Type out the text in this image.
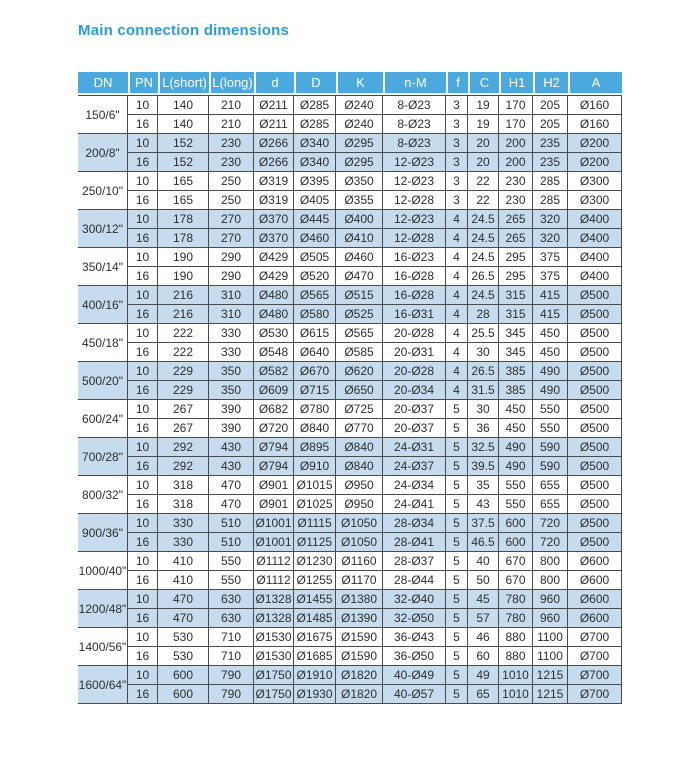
Main connection dimensions
DN	PN	L(short)	L(long)	d	D	K	n-M	f	C	H1	H2	A
150/6"	10	140	210	Ø211	Ø285	Ø240	8-Ø23	3	19	170	205	Ø160
	16	140	210	Ø211	Ø285	Ø240	8-Ø23	3	19	170	205	Ø160
200/8"	10	152	230	Ø266	Ø340	Ø295	8-Ø23	3	20	200	235	Ø200
	16	152	230	Ø266	Ø340	Ø295	12-Ø23	3	20	200	235	Ø200
250/10"	10	165	250	Ø319	Ø395	Ø350	12-Ø23	3	22	230	285	Ø300
	16	165	250	Ø319	Ø405	Ø355	12-Ø28	3	22	230	285	Ø300
300/12"	10	178	270	Ø370	Ø445	Ø400	12-Ø23	4	24.5	265	320	Ø400
	16	178	270	Ø370	Ø460	Ø410	12-Ø28	4	24.5	265	320	Ø400
350/14"	10	190	290	Ø429	Ø505	Ø460	16-Ø23	4	24.5	295	375	Ø400
	16	190	290	Ø429	Ø520	Ø470	16-Ø28	4	26.5	295	375	Ø400
400/16"	10	216	310	Ø480	Ø565	Ø515	16-Ø28	4	24.5	315	415	Ø500
	16	216	310	Ø480	Ø580	Ø525	16-Ø31	4	28	315	415	Ø500
450/18"	10	222	330	Ø530	Ø615	Ø565	20-Ø28	4	25.5	345	450	Ø500
	16	222	330	Ø548	Ø640	Ø585	20-Ø31	4	30	345	450	Ø500
500/20"	10	229	350	Ø582	Ø670	Ø620	20-Ø28	4	26.5	385	490	Ø500
	16	229	350	Ø609	Ø715	Ø650	20-Ø34	4	31.5	385	490	Ø500
600/24"	10	267	390	Ø682	Ø780	Ø725	20-Ø37	5	30	450	550	Ø500
	16	267	390	Ø720	Ø840	Ø770	20-Ø37	5	36	450	550	Ø500
700/28"	10	292	430	Ø794	Ø895	Ø840	24-Ø31	5	32.5	490	590	Ø500
	16	292	430	Ø794	Ø910	Ø840	24-Ø37	5	39.5	490	590	Ø500
800/32"	10	318	470	Ø901	Ø1015	Ø950	24-Ø34	5	35	550	655	Ø500
	16	318	470	Ø901	Ø1025	Ø950	24-Ø41	5	43	550	655	Ø500
900/36"	10	330	510	Ø1001	Ø1115	Ø1050	28-Ø34	5	37.5	600	720	Ø500
	16	330	510	Ø1001	Ø1125	Ø1050	28-Ø41	5	46.5	600	720	Ø500
1000/40"	10	410	550	Ø1112	Ø1230	Ø1160	28-Ø37	5	40	670	800	Ø600
	16	410	550	Ø1112	Ø1255	Ø1170	28-Ø44	5	50	670	800	Ø600
1200/48"	10	470	630	Ø1328	Ø1455	Ø1380	32-Ø40	5	45	780	960	Ø600
	16	470	630	Ø1328	Ø1485	Ø1390	32-Ø50	5	57	780	960	Ø600
1400/56"	10	530	710	Ø1530	Ø1675	Ø1590	36-Ø43	5	46	880	1100	Ø700
	16	530	710	Ø1530	Ø1685	Ø1590	36-Ø50	5	60	880	1100	Ø700
1600/64"	10	600	790	Ø1750	Ø1910	Ø1820	40-Ø49	5	49	1010	1215	Ø700
	16	600	790	Ø1750	Ø1930	Ø1820	40-Ø57	5	65	1010	1215	Ø700
